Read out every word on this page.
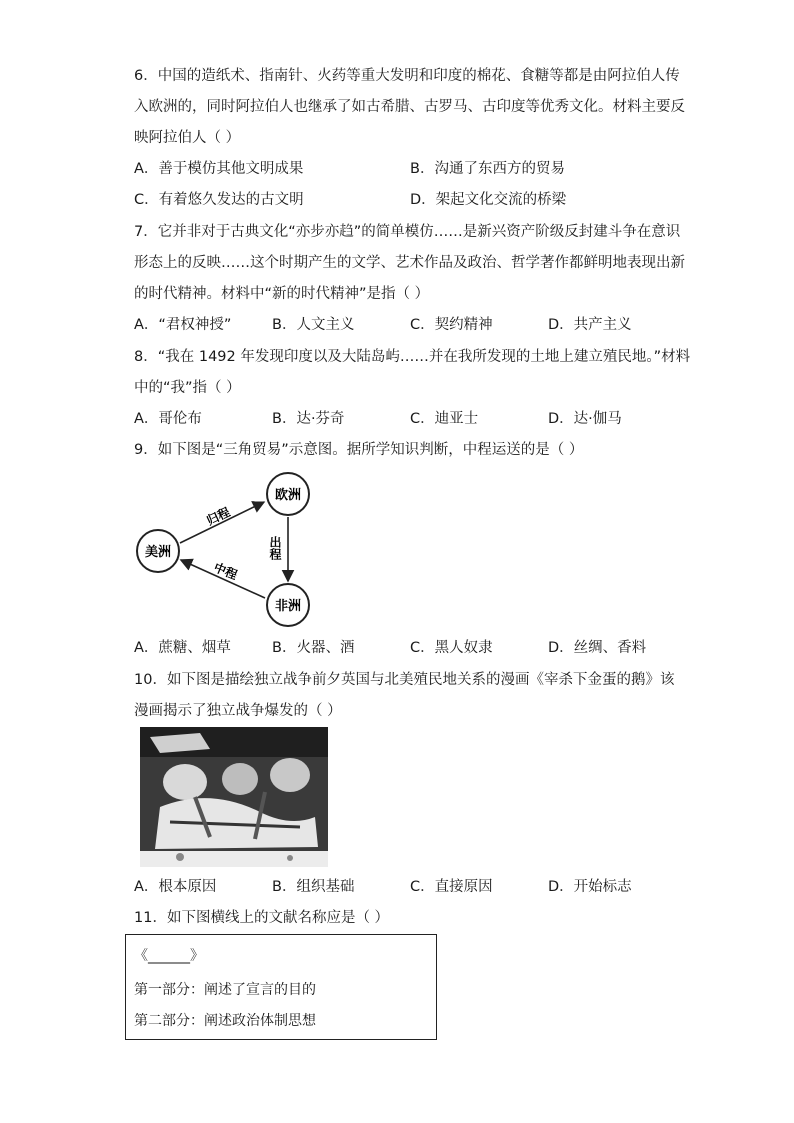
6．中国的造纸术、指南针、火药等重大发明和印度的棉花、食糖等都是由阿拉伯人传
入欧洲的，同时阿拉伯人也继承了如古希腊、古罗马、古印度等优秀文化。材料主要反
映阿拉伯人（ ）
A．善于模仿其他文明成果	B．沟通了东西方的贸易
C．有着悠久发达的古文明	D．架起文化交流的桥梁
7．它并非对于古典文化“亦步亦趋”的简单模仿……是新兴资产阶级反封建斗争在意识
形态上的反映……这个时期产生的文学、艺术作品及政治、哲学著作都鲜明地表现出新
的时代精神。材料中“新的时代精神”是指（ ）
A．“君权神授”	B．人文主义	C．契约精神	D．共产主义
8．“我在 1492 年发现印度以及大陆岛屿……并在我所发现的土地上建立殖民地。”材料
中的“我”指（ ）
A．哥伦布	B．达·芬奇	C．迪亚士	D．达·伽马
9．如下图是“三角贸易”示意图。据所学知识判断，中程运送的是（ ）
欧洲
美洲
非洲
归程
中程
出程
A．蔗糖、烟草	B．火器、酒	C．黑人奴隶	D．丝绸、香料
10．如下图是描绘独立战争前夕英国与北美殖民地关系的漫画《宰杀下金蛋的鹅》该
漫画揭示了独立战争爆发的（ ）
A．根本原因	B．组织基础	C．直接原因	D．开始标志
11．如下图横线上的文献名称应是（ ）
《______》
第一部分：阐述了宣言的目的
第二部分：阐述政治体制思想
